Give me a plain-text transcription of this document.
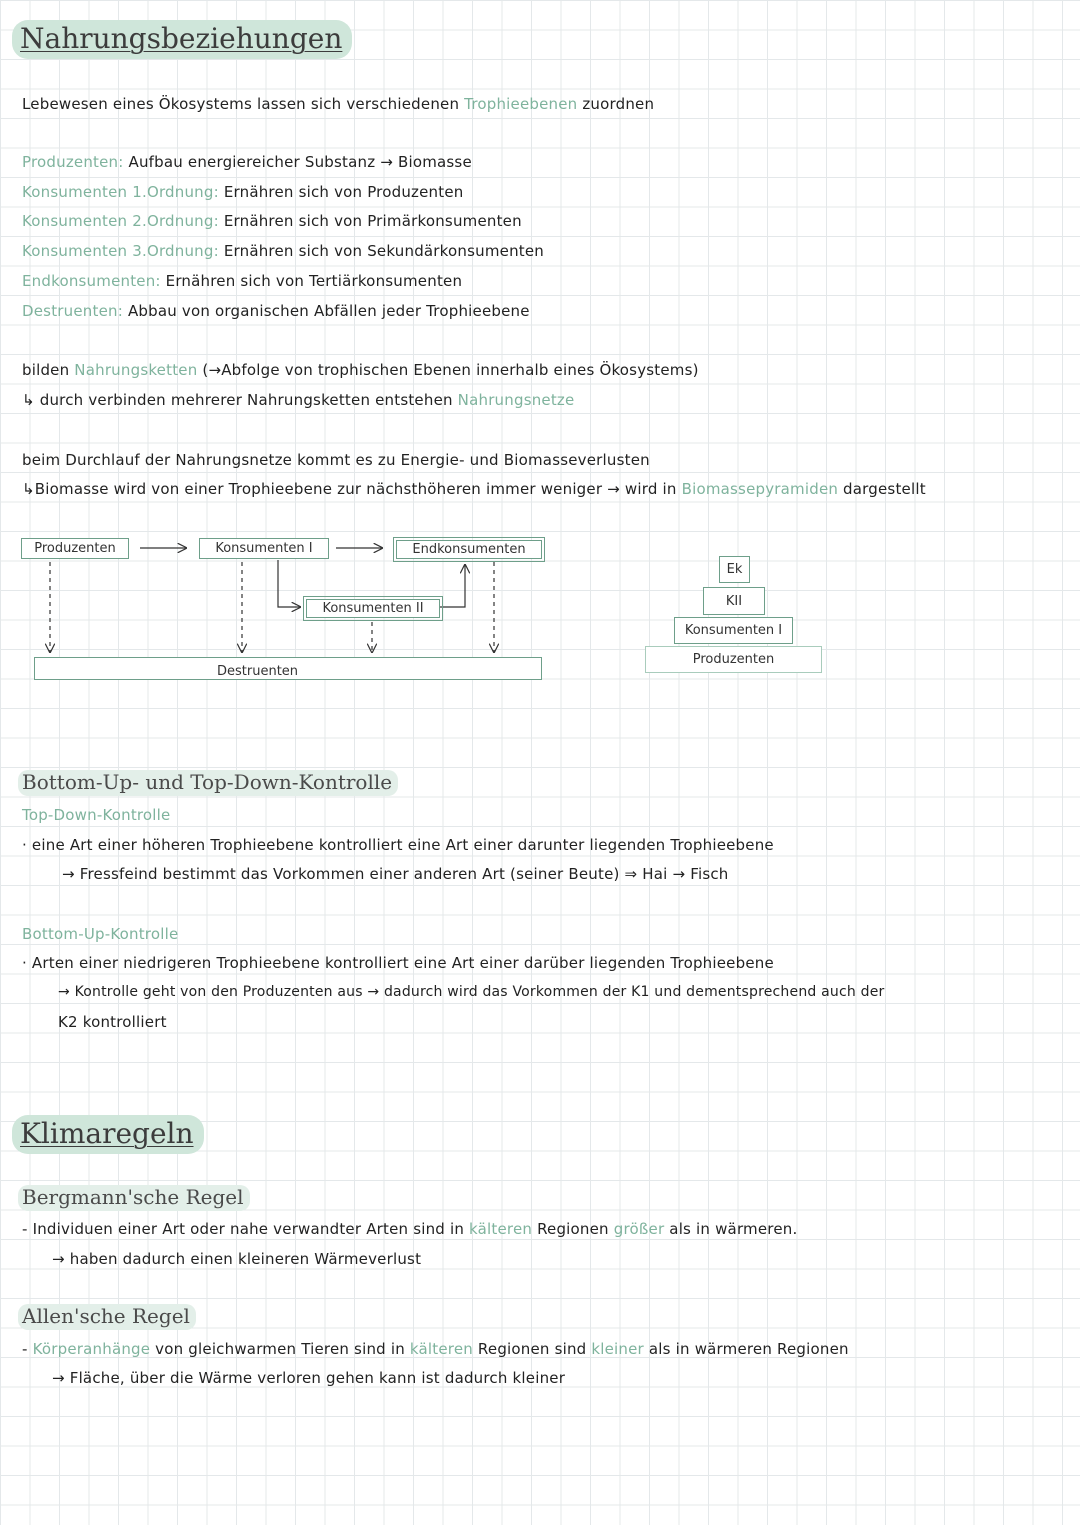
Nahrungsbeziehungen
Lebewesen eines Ökosystems lassen sich verschiedenen Trophieebenen zuordnen
Produzenten: Aufbau energiereicher Substanz → Biomasse
Konsumenten 1.Ordnung: Ernähren sich von Produzenten
Konsumenten 2.Ordnung: Ernähren sich von Primärkonsumenten
Konsumenten 3.Ordnung: Ernähren sich von Sekundärkonsumenten
Endkonsumenten: Ernähren sich von Tertiärkonsumenten
Destruenten: Abbau von organischen Abfällen jeder Trophieebene
bilden Nahrungsketten (→Abfolge von trophischen Ebenen innerhalb eines Ökosystems)
↳ durch verbinden mehrerer Nahrungsketten entstehen Nahrungsnetze
beim Durchlauf der Nahrungsnetze kommt es zu Energie- und Biomasseverlusten
↳Biomasse wird von einer Trophieebene zur nächsthöheren immer weniger → wird in Biomassepyramiden dargestellt
Produzenten	Konsumenten I	Endkonsumenten
Konsumenten II
Destruenten
Ek
KII
Konsumenten I
Produzenten
Bottom-Up- und Top-Down-Kontrolle
Top-Down-Kontrolle
· eine Art einer höheren Trophieebene kontrolliert eine Art einer darunter liegenden Trophieebene
→ Fressfeind bestimmt das Vorkommen einer anderen Art (seiner Beute) ⇒ Hai → Fisch
Bottom-Up-Kontrolle
· Arten einer niedrigeren Trophieebene kontrolliert eine Art einer darüber liegenden Trophieebene
→ Kontrolle geht von den Produzenten aus → dadurch wird das Vorkommen der K1 und dementsprechend auch der
K2 kontrolliert
Klimaregeln
Bergmann'sche Regel
- Individuen einer Art oder nahe verwandter Arten sind in kälteren Regionen größer als in wärmeren.
→ haben dadurch einen kleineren Wärmeverlust
Allen'sche Regel
- Körperanhänge von gleichwarmen Tieren sind in kälteren Regionen sind kleiner als in wärmeren Regionen
→ Fläche, über die Wärme verloren gehen kann ist dadurch kleiner
